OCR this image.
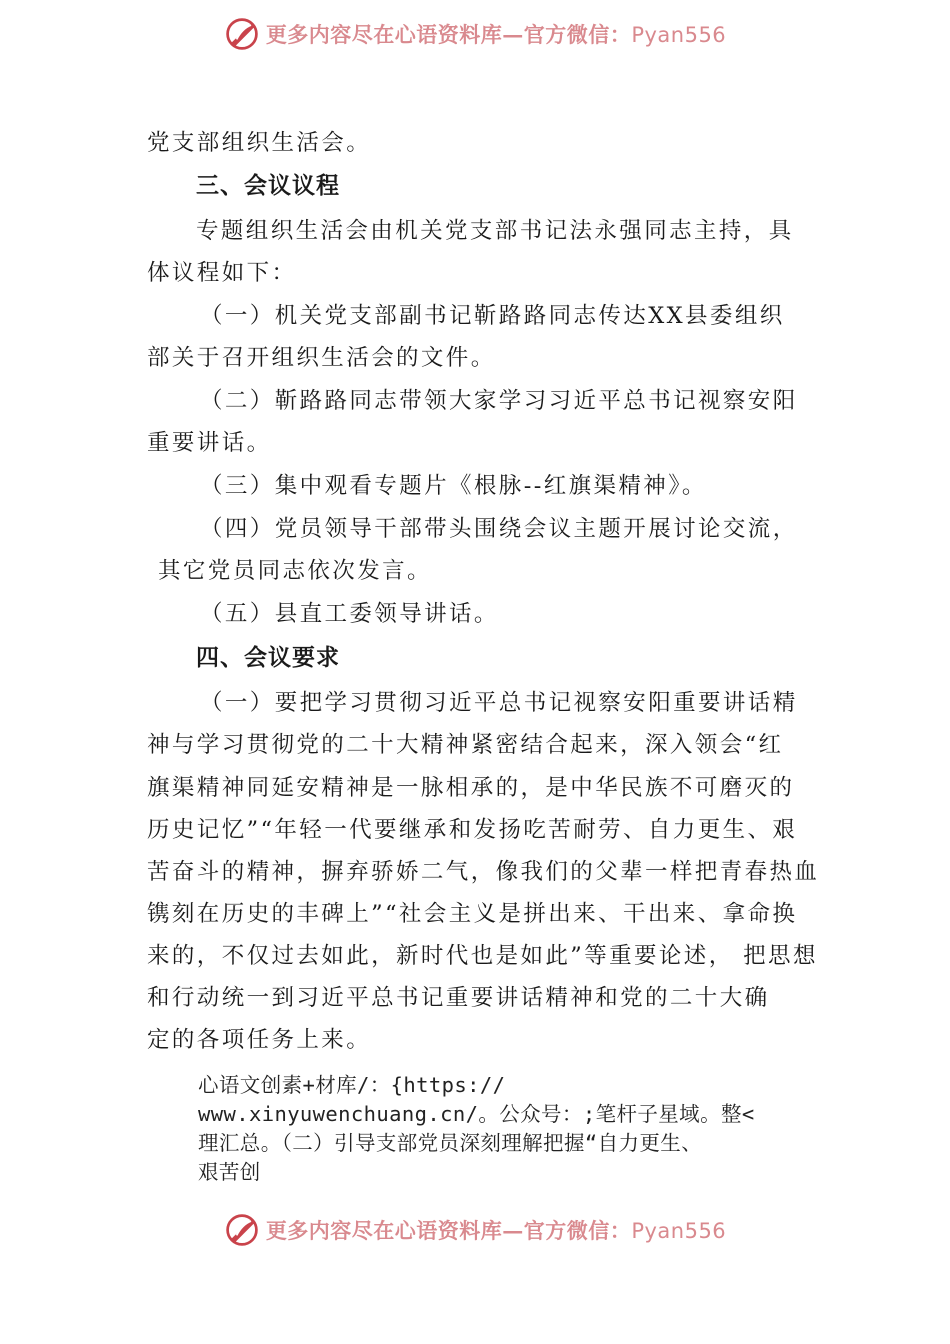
更多内容尽在心语资料库—官方微信：Pyan556
党支部组织生活会。
三、会议议程
专题组织生活会由机关党支部书记法永强同志主持，具
体议程如下：
（一）机关党支部副书记靳路路同志传达XX县委组织
部关于召开组织生活会的文件。
（二）靳路路同志带领大家学习习近平总书记视察安阳
重要讲话。
（三）集中观看专题片《根脉--红旗渠精神》。
（四）党员领导干部带头围绕会议主题开展讨论交流，
其它党员同志依次发言。
（五）县直工委领导讲话。
四、会议要求
（一）要把学习贯彻习近平总书记视察安阳重要讲话精
神与学习贯彻党的二十大精神紧密结合起来，深入领会“红
旗渠精神同延安精神是一脉相承的，是中华民族不可磨灭的
历史记忆”“年轻一代要继承和发扬吃苦耐劳、自力更生、艰
苦奋斗的精神，摒弃骄娇二气，像我们的父辈一样把青春热血
镌刻在历史的丰碑上”“社会主义是拼出来、干出来、拿命换
来的，不仅过去如此，新时代也是如此”等重要论述， 把思想
和行动统一到习近平总书记重要讲话精神和党的二十大确
定的各项任务上来。
心语文创素+材库/：{https://
www.xinyuwenchuang.cn/。公众号：;笔杆子星域。整<
理汇总。（二）引导支部党员深刻理解把握“自力更生、
艰苦创
更多内容尽在心语资料库—官方微信：Pyan556
